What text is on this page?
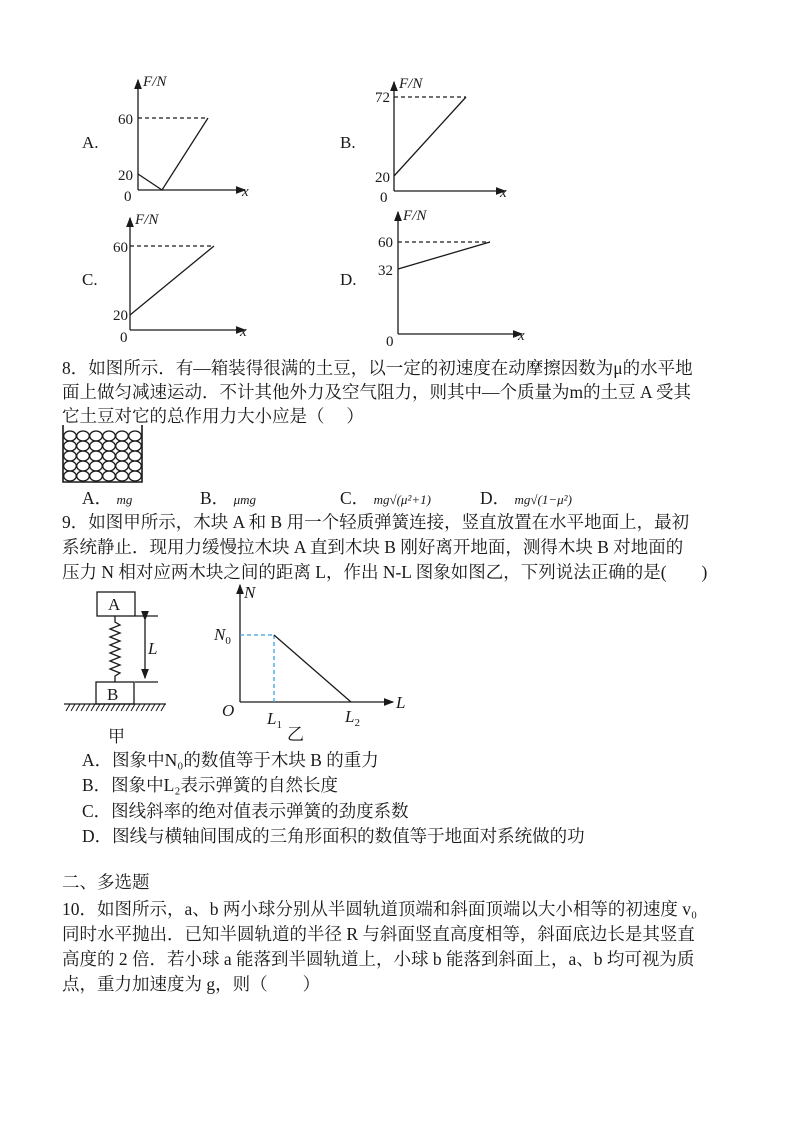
F/N
x
60
20
0
F/N
x
72
20
0
F/N
x
60
20
0
F/N
x
60
32
0
A.	B.
C.	D.
A
B
L
甲
N
L
O
$N_0$
$L_1$	$L_2$
乙
8．如图所示．有—箱装得很满的土豆，以一定的初速度在动摩擦因数为μ的水平地
面上做匀减速运动．不计其他外力及空气阻力，则其中—个质量为m的土豆 A 受其
它土豆对它的总作用力大小应是（　 ）
A． mg	B． μmg	C． mg√(μ²+1)	D． mg√(1−μ²)
9．如图甲所示，木块 A 和 B 用一个轻质弹簧连接，竖直放置在水平地面上，最初
系统静止．现用力缓慢拉木块 A 直到木块 B 刚好离开地面，测得木块 B 对地面的
压力 N 相对应两木块之间的距离 L，作出 N-L 图象如图乙，下列说法正确的是(　　)
A．图象中N₀的数值等于木块 B 的重力
B．图象中L₂表示弹簧的自然长度
C．图线斜率的绝对值表示弹簧的劲度系数
D．图线与横轴间围成的三角形面积的数值等于地面对系统做的功
二、多选题
10．如图所示，a、b 两小球分别从半圆轨道顶端和斜面顶端以大小相等的初速度 v₀
同时水平抛出．已知半圆轨道的半径 R 与斜面竖直高度相等，斜面底边长是其竖直
高度的 2 倍．若小球 a 能落到半圆轨道上，小球 b 能落到斜面上，a、b 均可视为质
点，重力加速度为 g，则（　　）
